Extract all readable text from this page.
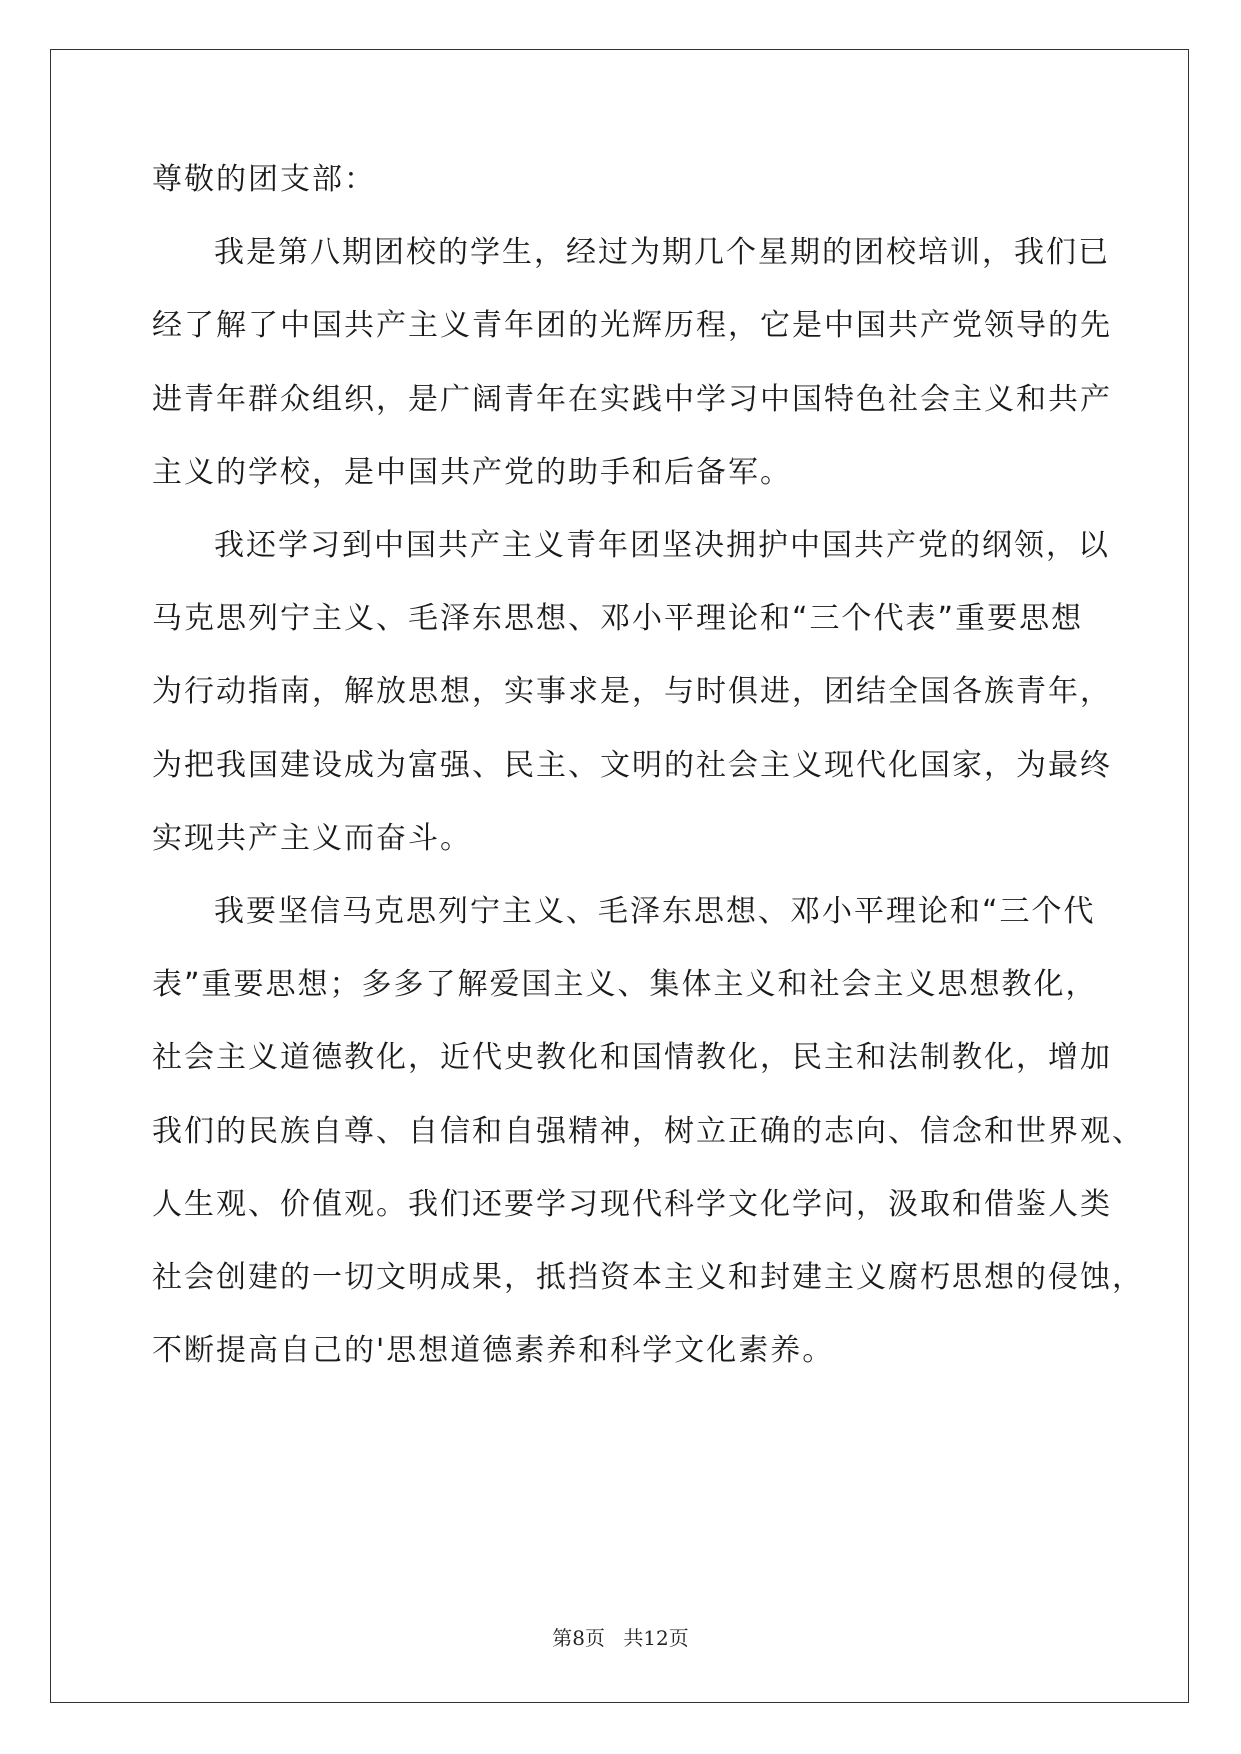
尊敬的团支部：
我是第八期团校的学生，经过为期几个星期的团校培训，我们已
经了解了中国共产主义青年团的光辉历程，它是中国共产党领导的先
进青年群众组织，是广阔青年在实践中学习中国特色社会主义和共产
主义的学校，是中国共产党的助手和后备军。
我还学习到中国共产主义青年团坚决拥护中国共产党的纲领，以
马克思列宁主义、毛泽东思想、邓小平理论和“三个代表”重要思想
为行动指南，解放思想，实事求是，与时俱进，团结全国各族青年，
为把我国建设成为富强、民主、文明的社会主义现代化国家，为最终
实现共产主义而奋斗。
我要坚信马克思列宁主义、毛泽东思想、邓小平理论和“三个代
表”重要思想；多多了解爱国主义、集体主义和社会主义思想教化，
社会主义道德教化，近代史教化和国情教化，民主和法制教化，增加
我们的民族自尊、自信和自强精神，树立正确的志向、信念和世界观、
人生观、价值观。我们还要学习现代科学文化学问，汲取和借鉴人类
社会创建的一切文明成果，抵挡资本主义和封建主义腐朽思想的侵蚀，
不断提高自己的'思想道德素养和科学文化素养。
第8页 共12页
